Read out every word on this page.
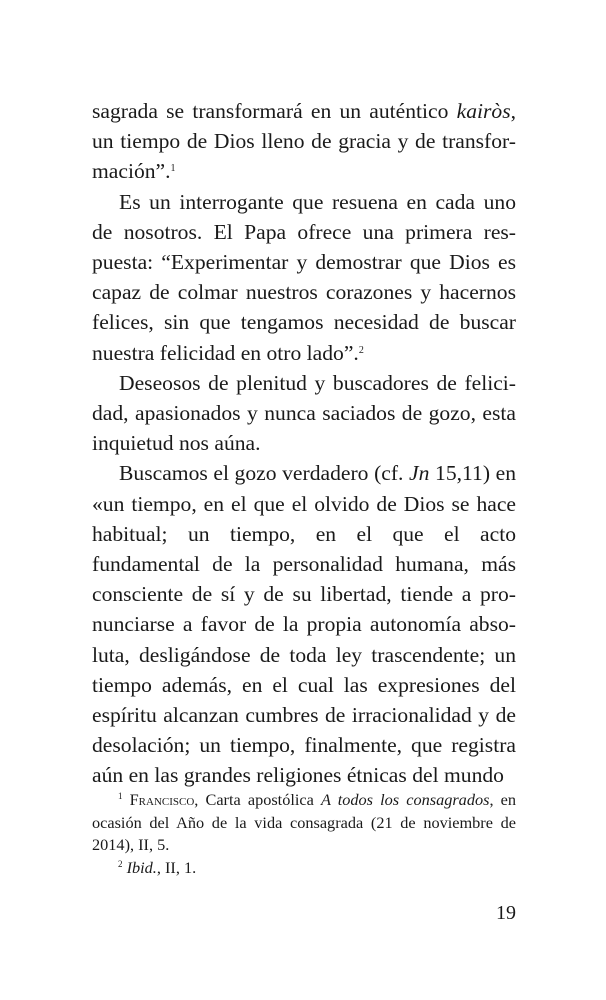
sagrada se transformará en un auténtico kairòs, un tiempo de Dios lleno de gracia y de transfor-mación”.$^1$

Es un interrogante que resuena en cada uno de nosotros. El Papa ofrece una primera res-puesta: “Experimentar y demostrar que Dios es capaz de colmar nuestros corazones y hacernos felices, sin que tengamos necesidad de buscar nuestra felicidad en otro lado”.$^2$

Deseosos de plenitud y buscadores de felici-dad, apasionados y nunca saciados de gozo, esta inquietud nos aúna.

Buscamos el gozo verdadero (cf. Jn 15,11) en «un tiempo, en el que el olvido de Dios se hace habitual; un tiempo, en el que el acto fundamental de la personalidad humana, más consciente de sí y de su libertad, tiende a pro-nunciarse a favor de la propia autonomía abso-luta, desligándose de toda ley trascendente; un tiempo además, en el cual las expresiones del espíritu alcanzan cumbres de irracionalidad y de desolación; un tiempo, finalmente, que registra aún en las grandes religiones étnicas del mundo

$^1$ Francisco, Carta apostólica A todos los consagrados, en ocasión del Año de la vida consagrada (21 de noviembre de 2014), II, 5.

$^2$ Ibid., II, 1.

19
